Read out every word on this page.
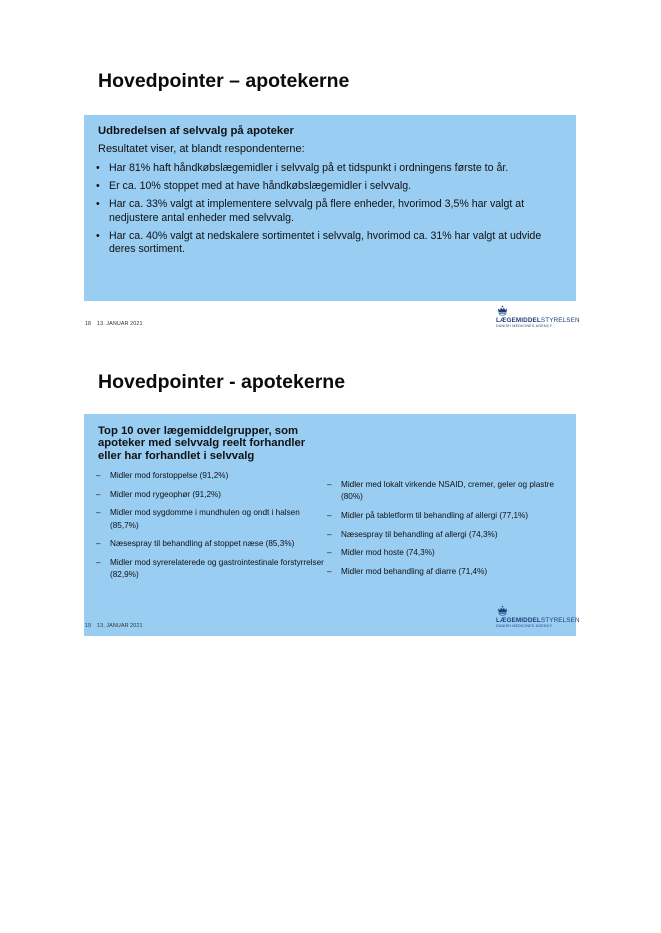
Hovedpointer – apotekerne

Udbredelsen af selvvalg på apoteker

Resultatet viser, at blandt respondenterne:

• Har 81% haft håndkøbslægemidler i selvvalg på et tidspunkt i ordningens første to år.
• Er ca. 10% stoppet med at have håndkøbslægemidler i selvvalg.
• Har ca. 33% valgt at implementere selvvalg på flere enheder, hvorimod 3,5% har valgt at nedjustere antal enheder med selvvalg.
• Har ca. 40% valgt at nedskalere sortimentet i selvvalg, hvorimod ca. 31% har valgt at udvide deres sortiment.
18 13. JANUAR 2021	LÆGEMIDDELSTYRELSEN
DANISH MEDICINES AGENCY
Hovedpointer - apotekerne

Top 10 over lægemiddelgrupper, som apoteker med selvvalg reelt forhandler eller har forhandlet i selvvalg

– Midler mod forstoppelse (91,2%)
– Midler mod rygeophør (91,2%)
– Midler mod sygdomme i mundhulen og ondt i halsen (85,7%)
– Næsespray til behandling af stoppet næse (85,3%)
– Midler mod syrerelaterede og gastrointestinale forstyrrelser (82,9%)
– Midler med lokalt virkende NSAID, cremer, geler og plastre (80%)
– Midler på tabletform til behandling af allergi (77,1%)
– Næsespray til behandling af allergi (74,3%)
– Midler mod hoste (74,3%)
– Midler mod behandling af diarre (71,4%)
19 13. JANUAR 2021
LÆGEMIDDELSTYRELSEN
DANISH MEDICINES AGENCY
